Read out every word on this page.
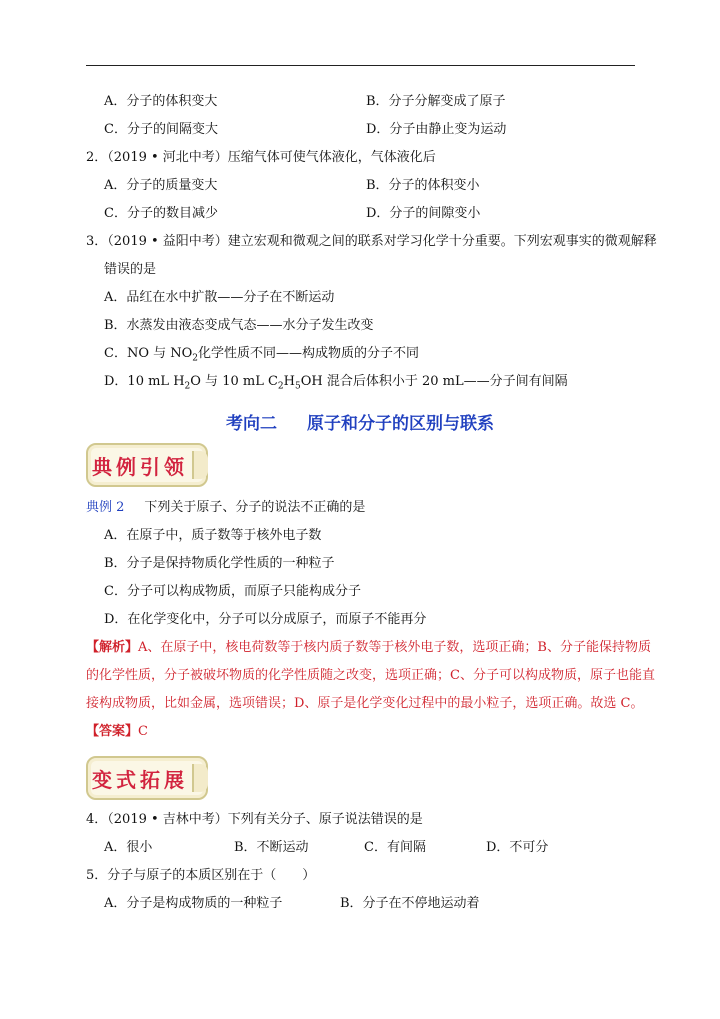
A．分子的体积变大	B．分子分解变成了原子
C．分子的间隔变大	D．分子由静止变为运动
2．（2019 • 河北中考）压缩气体可使气体液化，气体液化后
A．分子的质量变大	B．分子的体积变小
C．分子的数目减少	D．分子的间隙变小
3．（2019 • 益阳中考）建立宏观和微观之间的联系对学习化学十分重要。下列宏观事实的微观解释
错误的是
A．品红在水中扩散——分子在不断运动
B．水蒸发由液态变成气态——水分子发生改变
C．NO 与 $NO_2$化学性质不同——构成物质的分子不同
D．10 mL $H_2O$ 与 10 mL $C_2H_5OH$ 混合后体积小于 20 mL——分子间有间隔
考向二 原子和分子的区别与联系
典例引领
典例 2 下列关于原子、分子的说法不正确的是
A．在原子中，质子数等于核外电子数
B．分子是保持物质化学性质的一种粒子
C．分子可以构成物质，而原子只能构成分子
D．在化学变化中，分子可以分成原子，而原子不能再分
【解析】A、在原子中，核电荷数等于核内质子数等于核外电子数，选项正确；B、分子能保持物质
的化学性质，分子被破坏物质的化学性质随之改变，选项正确；C、分子可以构成物质，原子也能直
接构成物质，比如金属，选项错误；D、原子是化学变化过程中的最小粒子，选项正确。故选 C。
【答案】C
变式拓展
4．（2019 • 吉林中考）下列有关分子、原子说法错误的是
A．很小	B．不断运动	C．有间隔	D．不可分
5．分子与原子的本质区别在于（　　）
A．分子是构成物质的一种粒子	B．分子在不停地运动着
